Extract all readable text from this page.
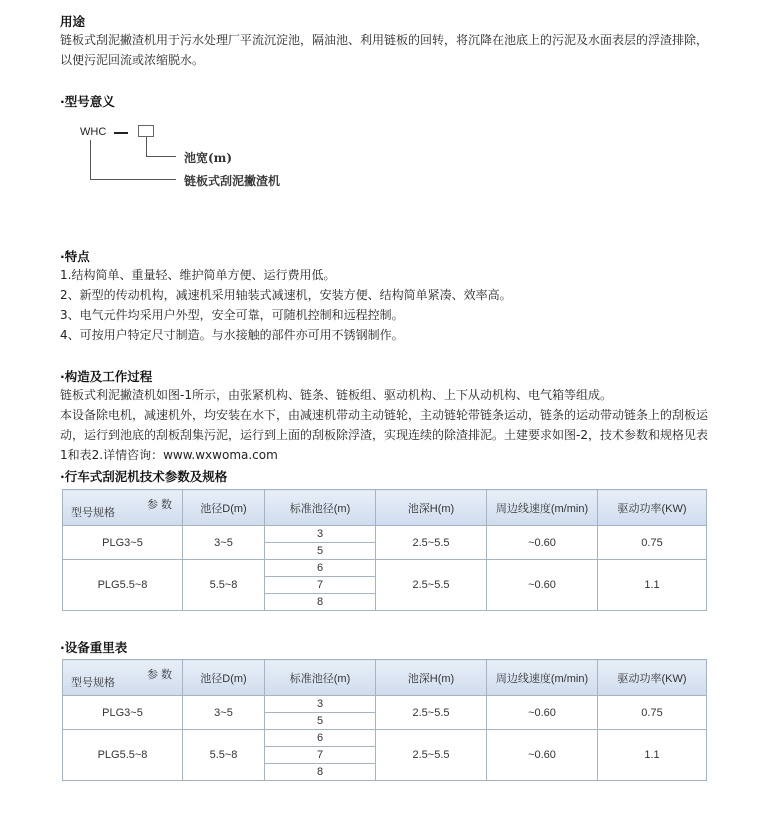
用途
链板式刮泥撇渣机用于污水处理厂平流沉淀池，隔油池、利用链板的回转，将沉降在池底上的污泥及水面表层的浮渣排除，
以便污泥回流或浓缩脱水。
·型号意义
WHC
池宽(m)
链板式刮泥撇渣机
·特点
1.结构简单、重量轻、维护简单方便、运行费用低。
2、新型的传动机构，减速机采用轴装式减速机，安装方便、结构简单紧凑、效率高。
3、电气元件均采用户外型，安全可靠，可随机控制和远程控制。
4、可按用户特定尺寸制造。与水接触的部件亦可用不锈钢制作。
·构造及工作过程
链板式利泥撇渣机如图-1所示，由张紧机构、链条、链板组、驱动机构、上下从动机构、电气箱等组成。
本设备除电机，减速机外，均安装在水下，由减速机带动主动链轮，主动链轮带链条运动，链条的运动带动链条上的刮板运
动，运行到池底的刮板刮集污泥，运行到上面的刮板除浮渣，实现连续的除渣排泥。土建要求如图-2，技术参数和规格见表
1和表2.详情咨询：www.wxwoma.com
·行车式刮泥机技术参数及规格
参 数
型号规格	池径D(m)	标准池径(m)	池深H(m)	周边线速度(m/min)	驱动功率(KW)
PLG3~5	3~5	3	2.5~5.5	~0.60	0.75
		5			
PLG5.5~8	5.5~8	6	2.5~5.5	~0.60	1.1
		7			
		8			
·设备重里表
参 数
型号规格	池径D(m)	标准池径(m)	池深H(m)	周边线速度(m/min)	驱动功率(KW)
PLG3~5	3~5	3	2.5~5.5	~0.60	0.75
		5			
PLG5.5~8	5.5~8	6	2.5~5.5	~0.60	1.1
		7			
		8			
